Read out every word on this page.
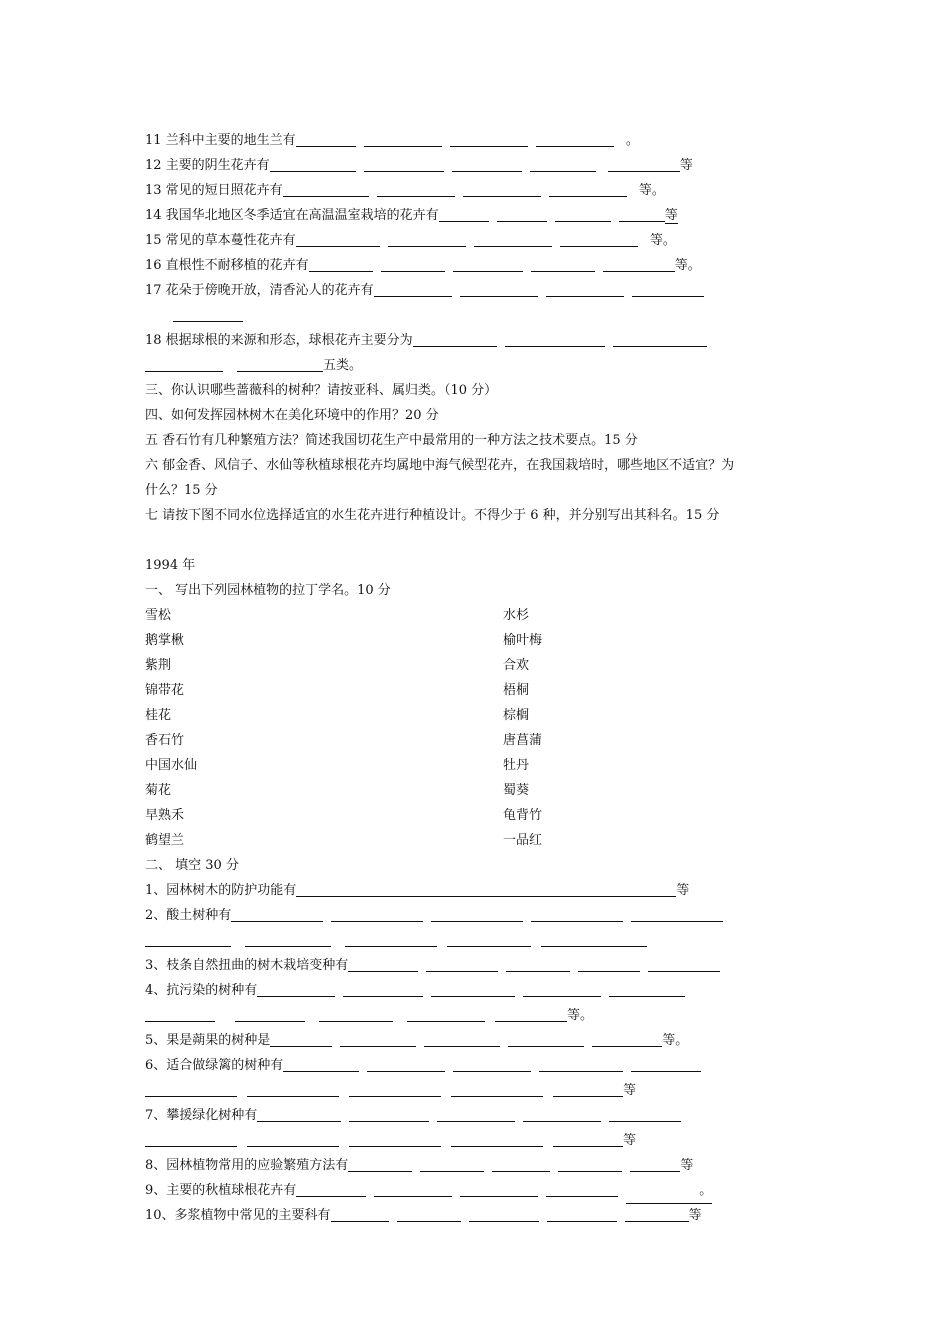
11 兰科中主要的地生兰有	。
12 主要的阴生花卉有	等
13 常见的短日照花卉有	等。
14 我国华北地区冬季适宜在高温温室栽培的花卉有	等
15 常见的草本蔓性花卉有	等。
16 直根性不耐移植的花卉有	等。
17 花朵于傍晚开放，清香沁人的花卉有
18 根据球根的来源和形态，球根花卉主要分为
五类。
三、你认识哪些蔷薇科的树种？请按亚科、属归类。（10 分）
四、如何发挥园林树木在美化环境中的作用？20 分
五 香石竹有几种繁殖方法？简述我国切花生产中最常用的一种方法之技术要点。15 分
六 郁金香、风信子、水仙等秋植球根花卉均属地中海气候型花卉，在我国栽培时，哪些地区不适宜？为
什么？15 分
七 请按下图不同水位选择适宜的水生花卉进行种植设计。不得少于 6 种，并分别写出其科名。15 分
1994 年
一、 写出下列园林植物的拉丁学名。10 分
雪松	水杉
鹅掌楸	榆叶梅
紫荆	合欢
锦带花	梧桐
桂花	棕榈
香石竹	唐菖蒲
中国水仙	牡丹
菊花	蜀葵
早熟禾	龟背竹
鹤望兰	一品红
二、 填空 30 分
1、园林树木的防护功能有	等
2、酸土树种有
3、枝条自然扭曲的树木栽培变种有
4、抗污染的树种有
等。
5、果是蒴果的树种是	等。
6、适合做绿篱的树种有
等
7、攀援绿化树种有
等
8、园林植物常用的应验繁殖方法有	等
9、主要的秋植球根花卉有	。
10、多浆植物中常见的主要科有	等
